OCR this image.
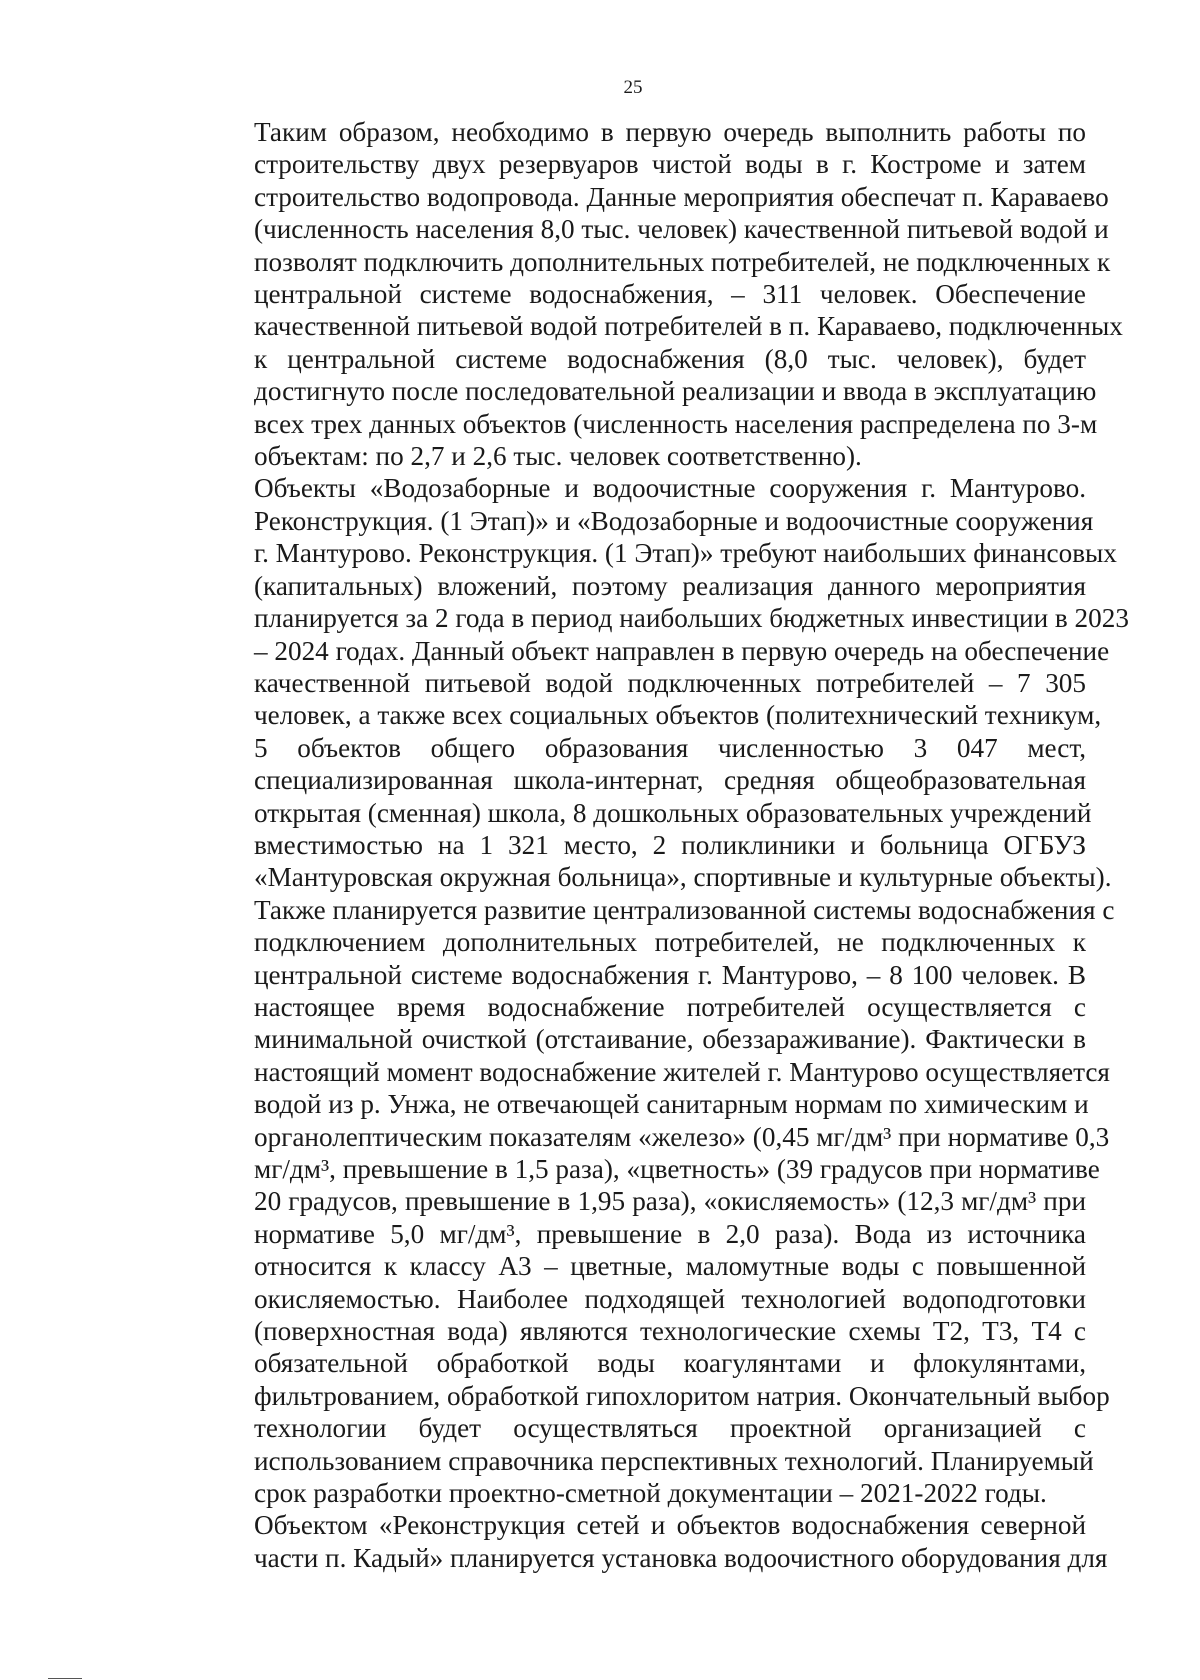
25

Таким образом, необходимо в первую очередь выполнить работы по
строительству двух резервуаров чистой воды в г. Костроме и затем
строительство водопровода. Данные мероприятия обеспечат п. Караваево
(численность населения 8,0 тыс. человек) качественной питьевой водой и
позволят подключить дополнительных потребителей, не подключенных к
центральной системе водоснабжения, – 311 человек. Обеспечение
качественной питьевой водой потребителей в п. Караваево, подключенных
к центральной системе водоснабжения (8,0 тыс. человек), будет
достигнуто после последовательной реализации и ввода в эксплуатацию
всех трех данных объектов (численность населения распределена по 3-м
объектам: по 2,7 и 2,6 тыс. человек соответственно).

Объекты «Водозаборные и водоочистные сооружения г. Мантурово.
Реконструкция. (1 Этап)» и «Водозаборные и водоочистные сооружения
г. Мантурово. Реконструкция. (1 Этап)» требуют наибольших финансовых
(капитальных) вложений, поэтому реализация данного мероприятия
планируется за 2 года в период наибольших бюджетных инвестиции в 2023
– 2024 годах. Данный объект направлен в первую очередь на обеспечение
качественной питьевой водой подключенных потребителей – 7 305
человек, а также всех социальных объектов (политехнический техникум,
5 объектов общего образования численностью 3 047 мест,
специализированная школа-интернат, средняя общеобразовательная
открытая (сменная) школа, 8 дошкольных образовательных учреждений
вместимостью на 1 321 место, 2 поликлиники и больница ОГБУЗ
«Мантуровская окружная больница», спортивные и культурные объекты).
Также планируется развитие централизованной системы водоснабжения с
подключением дополнительных потребителей, не подключенных к
центральной системе водоснабжения г. Мантурово, – 8 100 человек. В
настоящее время водоснабжение потребителей осуществляется с
минимальной очисткой (отстаивание, обеззараживание). Фактически в
настоящий момент водоснабжение жителей г. Мантурово осуществляется
водой из р. Унжа, не отвечающей санитарным нормам по химическим и
органолептическим показателям «железо» (0,45 мг/дм³ при нормативе 0,3
мг/дм³, превышение в 1,5 раза), «цветность» (39 градусов при нормативе
20 градусов, превышение в 1,95 раза), «окисляемость» (12,3 мг/дм³ при
нормативе 5,0 мг/дм³, превышение в 2,0 раза). Вода из источника
относится к классу А3 – цветные, маломутные воды с повышенной
окисляемостью. Наиболее подходящей технологией водоподготовки
(поверхностная вода) являются технологические схемы Т2, Т3, Т4 с
обязательной обработкой воды коагулянтами и флокулянтами,
фильтрованием, обработкой гипохлоритом натрия. Окончательный выбор
технологии будет осуществляться проектной организацией с
использованием справочника перспективных технологий. Планируемый
срок разработки проектно-сметной документации – 2021-2022 годы.

Объектом «Реконструкция сетей и объектов водоснабжения северной
части п. Кадый» планируется установка водоочистного оборудования для
